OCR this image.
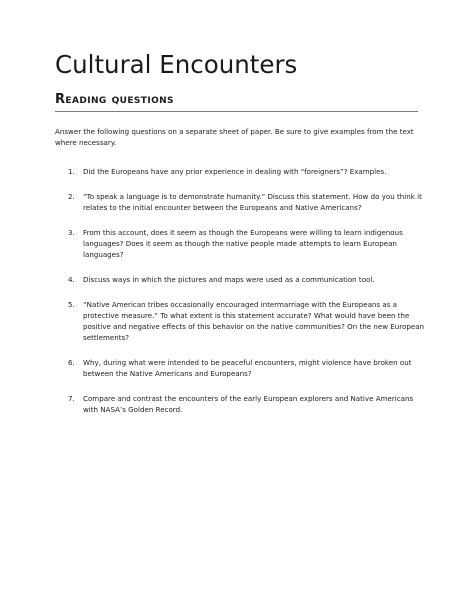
Cultural Encounters
Reading questions
Answer the following questions on a separate sheet of paper. Be sure to give examples from the text where necessary.
1. Did the Europeans have any prior experience in dealing with “foreigners”? Examples.
2. “To speak a language is to demonstrate humanity.” Discuss this statement. How do you think it relates to the initial encounter between the Europeans and Native Americans?
3. From this account, does it seem as though the Europeans were willing to learn indigenous languages? Does it seem as though the native people made attempts to learn European languages?
4. Discuss ways in which the pictures and maps were used as a communication tool.
5. “Native American tribes occasionally encouraged intermarriage with the Europeans as a protective measure.” To what extent is this statement accurate? What would have been the positive and negative effects of this behavior on the native communities? On the new European settlements?
6. Why, during what were intended to be peaceful encounters, might violence have broken out between the Native Americans and Europeans?
7. Compare and contrast the encounters of the early European explorers and Native Americans with NASA’s Golden Record.
